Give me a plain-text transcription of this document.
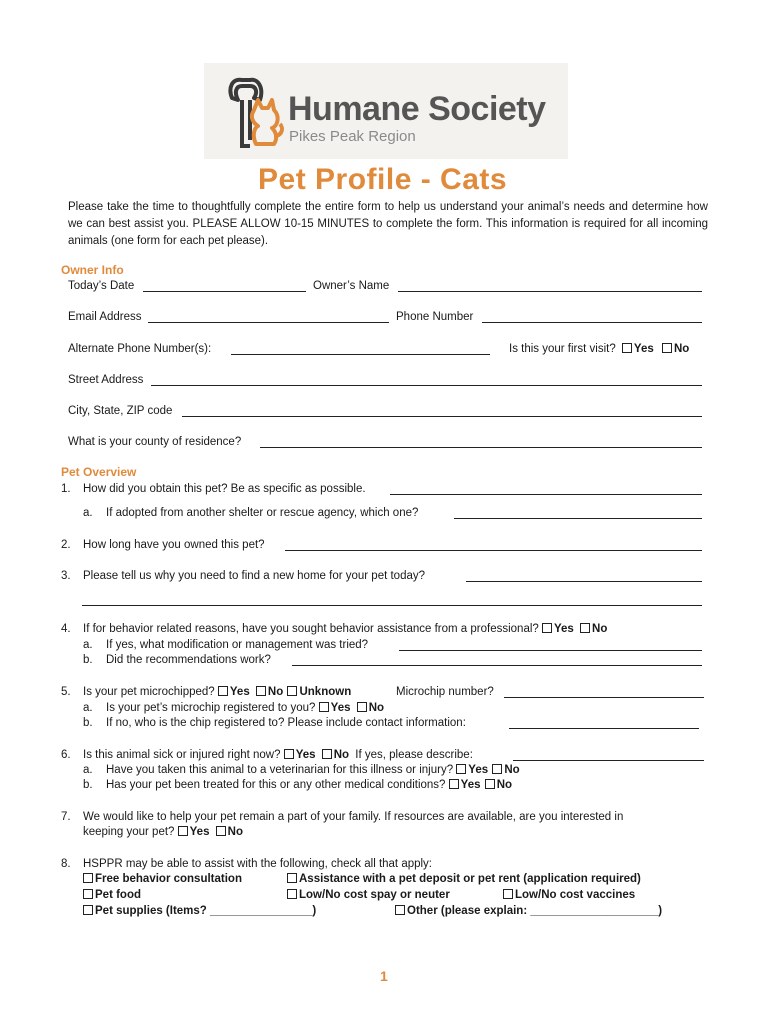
Humane Society
Pikes Peak Region
Pet Profile - Cats
Please take the time to thoughtfully complete the entire form to help us understand your animal’s needs and determine how we can best assist you. PLEASE ALLOW 10-15 MINUTES to complete the form. This information is required for all incoming animals (one form for each pet please).
Owner Info
Today’s Date	Owner’s Name
Email Address	Phone Number
Alternate Phone Number(s):	Is this your first visit? Yes No
Street Address
City, State, ZIP code
What is your county of residence?
Pet Overview
1. How did you obtain this pet? Be as specific as possible.
a. If adopted from another shelter or rescue agency, which one?
2. How long have you owned this pet?
3. Please tell us why you need to find a new home for your pet today?
4. If for behavior related reasons, have you sought behavior assistance from a professional? Yes No
a. If yes, what modification or management was tried?
b. Did the recommendations work?
5. Is your pet microchipped? Yes No Unknown	Microchip number?
a. Is your pet’s microchip registered to you? Yes No
b. If no, who is the chip registered to? Please include contact information:
6. Is this animal sick or injured right now? Yes No If yes, please describe:
a. Have you taken this animal to a veterinarian for this illness or injury? Yes No
b. Has your pet been treated for this or any other medical conditions? Yes No
7. We would like to help your pet remain a part of your family. If resources are available, are you interested in
keeping your pet? Yes No
8. HSPPR may be able to assist with the following, check all that apply:
Free behavior consultation	Assistance with a pet deposit or pet rent (application required)
Pet food	Low/No cost spay or neuter	Low/No cost vaccines
Pet supplies (Items? ________________)	Other (please explain: ____________________)
1
